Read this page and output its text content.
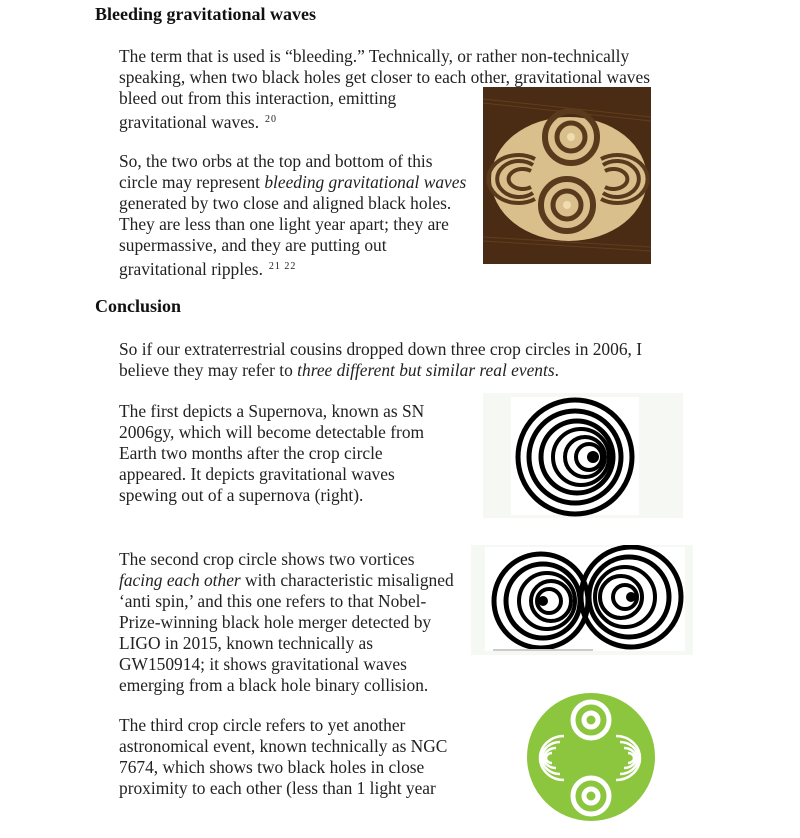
Bleeding gravitational waves
The term that is used is “bleeding.” Technically, or rather non-technically
speaking, when two black holes get closer to each other, gravitational waves
bleed out from this interaction, emitting
gravitational waves. $^{20}$
So, the two orbs at the top and bottom of this
circle may represent bleeding gravitational waves
generated by two close and aligned black holes.
They are less than one light year apart; they are
supermassive, and they are putting out
gravitational ripples. $^{21 22}$
Conclusion
So if our extraterrestrial cousins dropped down three crop circles in 2006, I
believe they may refer to three different but similar real events.
The first depicts a Supernova, known as SN
2006gy, which will become detectable from
Earth two months after the crop circle
appeared. It depicts gravitational waves
spewing out of a supernova (right).
The second crop circle shows two vortices
facing each other with characteristic misaligned
‘anti spin,’ and this one refers to that Nobel-
Prize-winning black hole merger detected by
LIGO in 2015, known technically as
GW150914; it shows gravitational waves
emerging from a black hole binary collision.
The third crop circle refers to yet another
astronomical event, known technically as NGC
7674, which shows two black holes in close
proximity to each other (less than 1 light year
